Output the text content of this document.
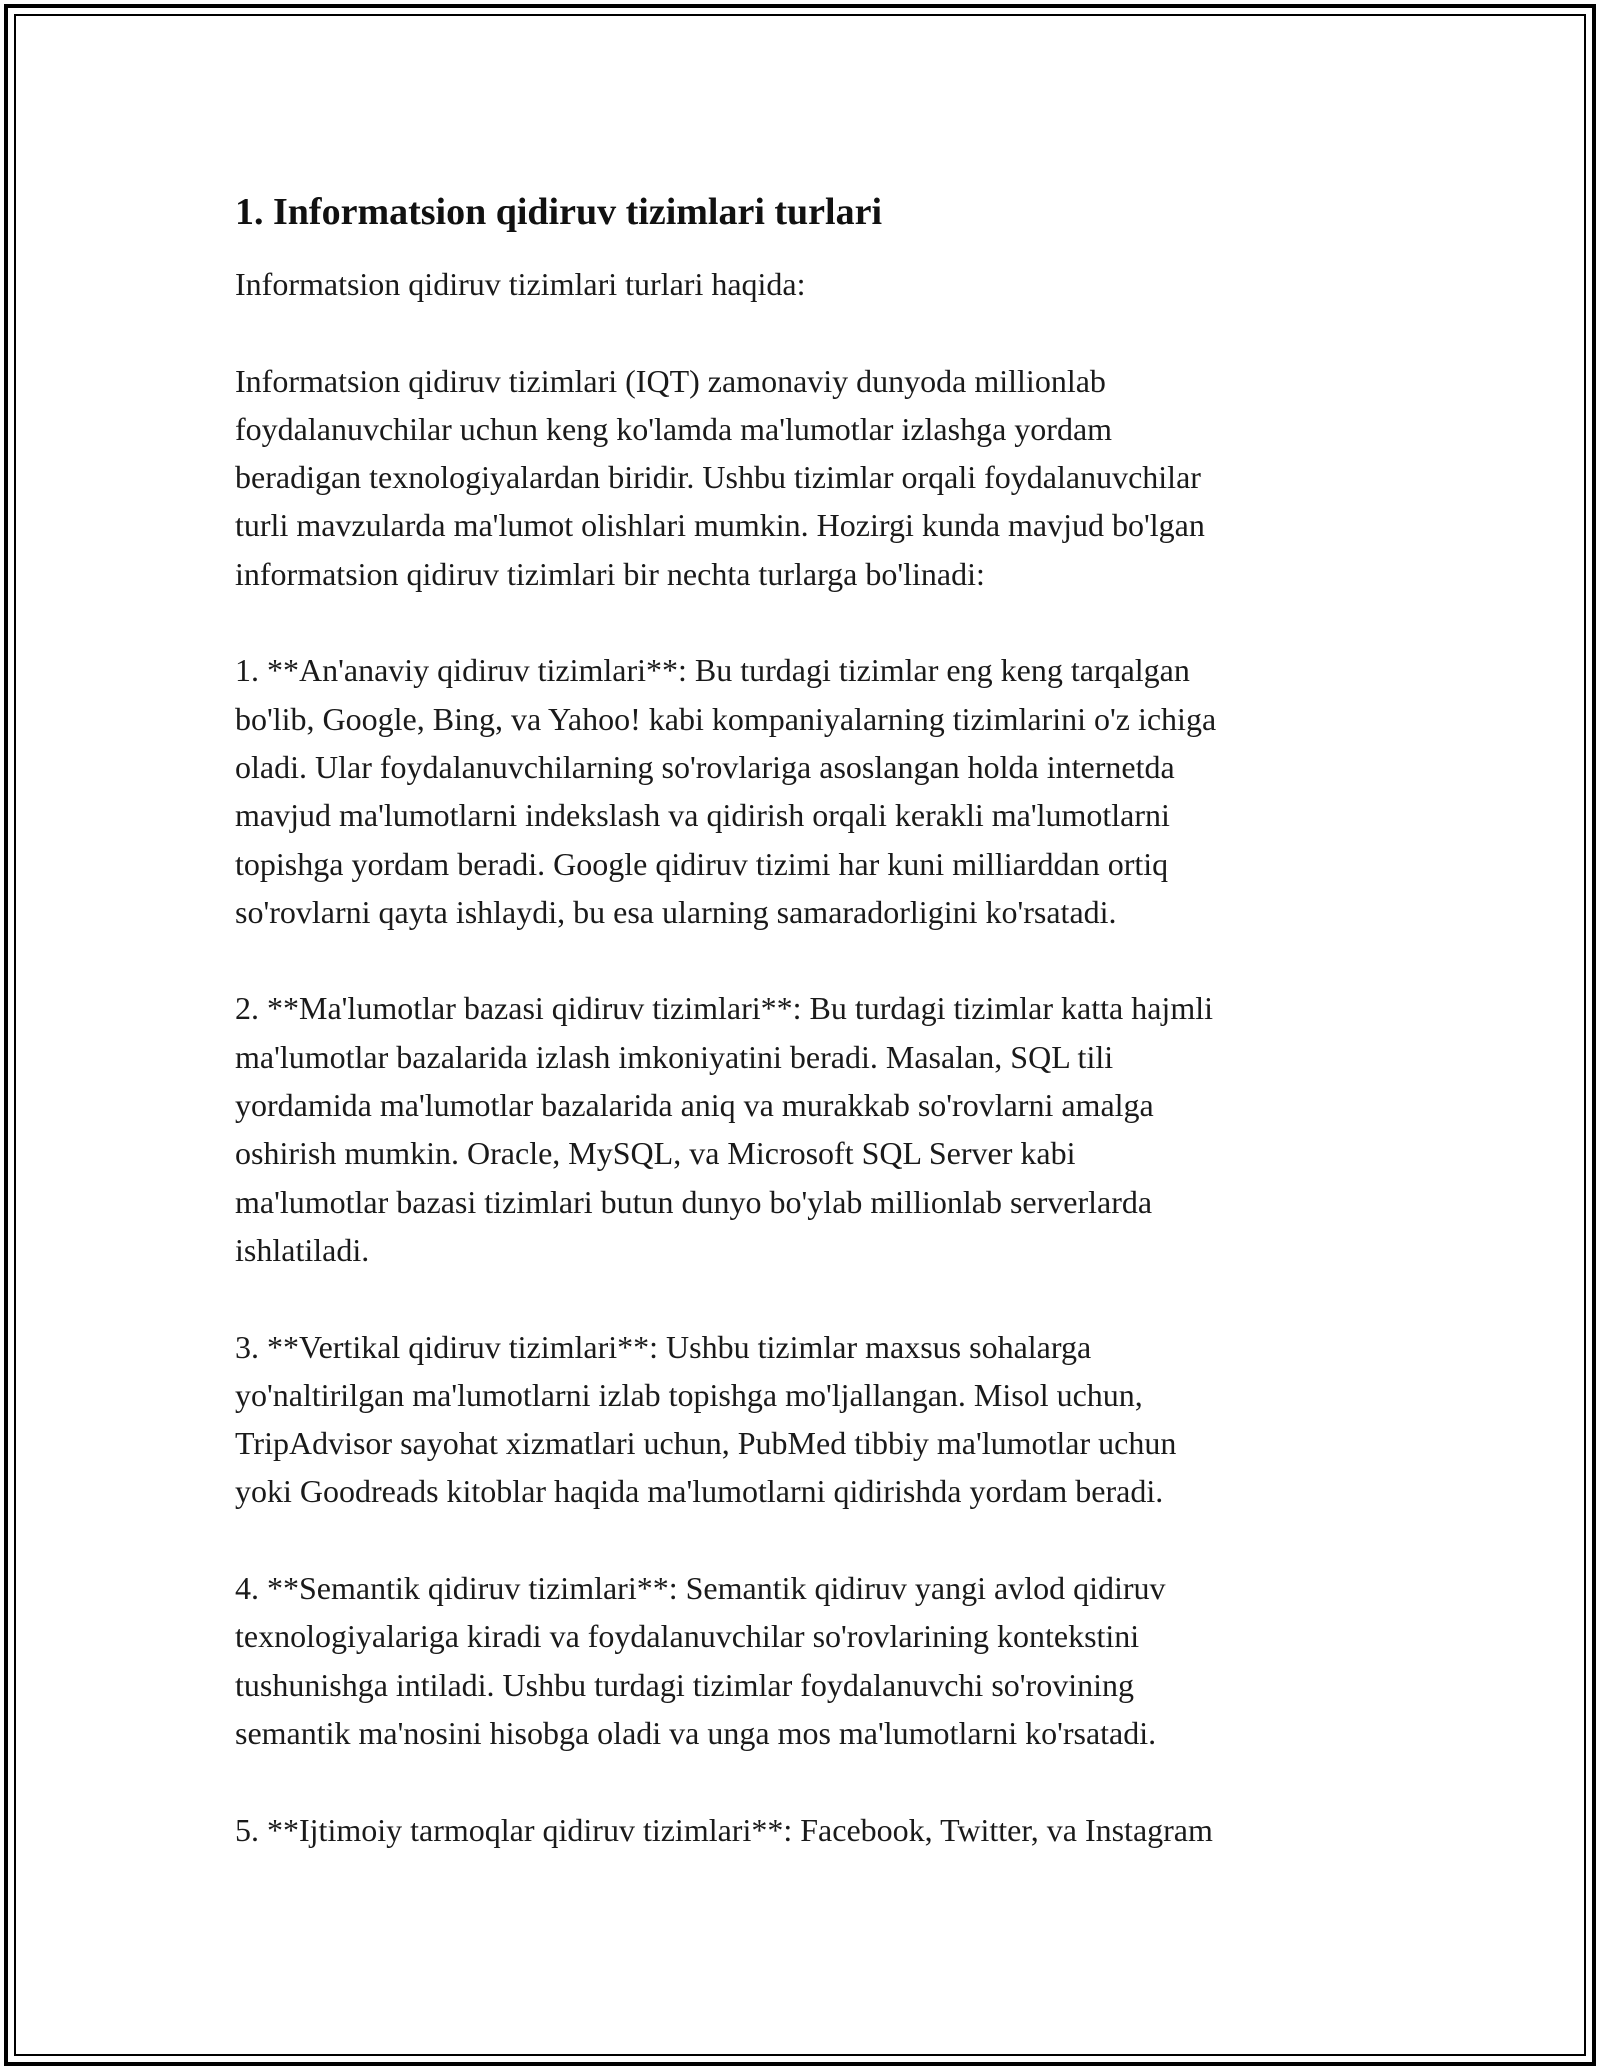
1. Informatsion qidiruv tizimlari turlari

Informatsion qidiruv tizimlari turlari haqida:

Informatsion qidiruv tizimlari (IQT) zamonaviy dunyoda millionlab
foydalanuvchilar uchun keng ko'lamda ma'lumotlar izlashga yordam
beradigan texnologiyalardan biridir. Ushbu tizimlar orqali foydalanuvchilar
turli mavzularda ma'lumot olishlari mumkin. Hozirgi kunda mavjud bo'lgan
informatsion qidiruv tizimlari bir nechta turlarga bo'linadi:

1. **An'anaviy qidiruv tizimlari**: Bu turdagi tizimlar eng keng tarqalgan
bo'lib, Google, Bing, va Yahoo! kabi kompaniyalarning tizimlarini o'z ichiga
oladi. Ular foydalanuvchilarning so'rovlariga asoslangan holda internetda
mavjud ma'lumotlarni indekslash va qidirish orqali kerakli ma'lumotlarni
topishga yordam beradi. Google qidiruv tizimi har kuni milliarddan ortiq
so'rovlarni qayta ishlaydi, bu esa ularning samaradorligini ko'rsatadi.

2. **Ma'lumotlar bazasi qidiruv tizimlari**: Bu turdagi tizimlar katta hajmli
ma'lumotlar bazalarida izlash imkoniyatini beradi. Masalan, SQL tili
yordamida ma'lumotlar bazalarida aniq va murakkab so'rovlarni amalga
oshirish mumkin. Oracle, MySQL, va Microsoft SQL Server kabi
ma'lumotlar bazasi tizimlari butun dunyo bo'ylab millionlab serverlarda
ishlatiladi.

3. **Vertikal qidiruv tizimlari**: Ushbu tizimlar maxsus sohalarga
yo'naltirilgan ma'lumotlarni izlab topishga mo'ljallangan. Misol uchun,
TripAdvisor sayohat xizmatlari uchun, PubMed tibbiy ma'lumotlar uchun
yoki Goodreads kitoblar haqida ma'lumotlarni qidirishda yordam beradi.

4. **Semantik qidiruv tizimlari**: Semantik qidiruv yangi avlod qidiruv
texnologiyalariga kiradi va foydalanuvchilar so'rovlarining kontekstini
tushunishga intiladi. Ushbu turdagi tizimlar foydalanuvchi so'rovining
semantik ma'nosini hisobga oladi va unga mos ma'lumotlarni ko'rsatadi.

5. **Ijtimoiy tarmoqlar qidiruv tizimlari**: Facebook, Twitter, va Instagram
